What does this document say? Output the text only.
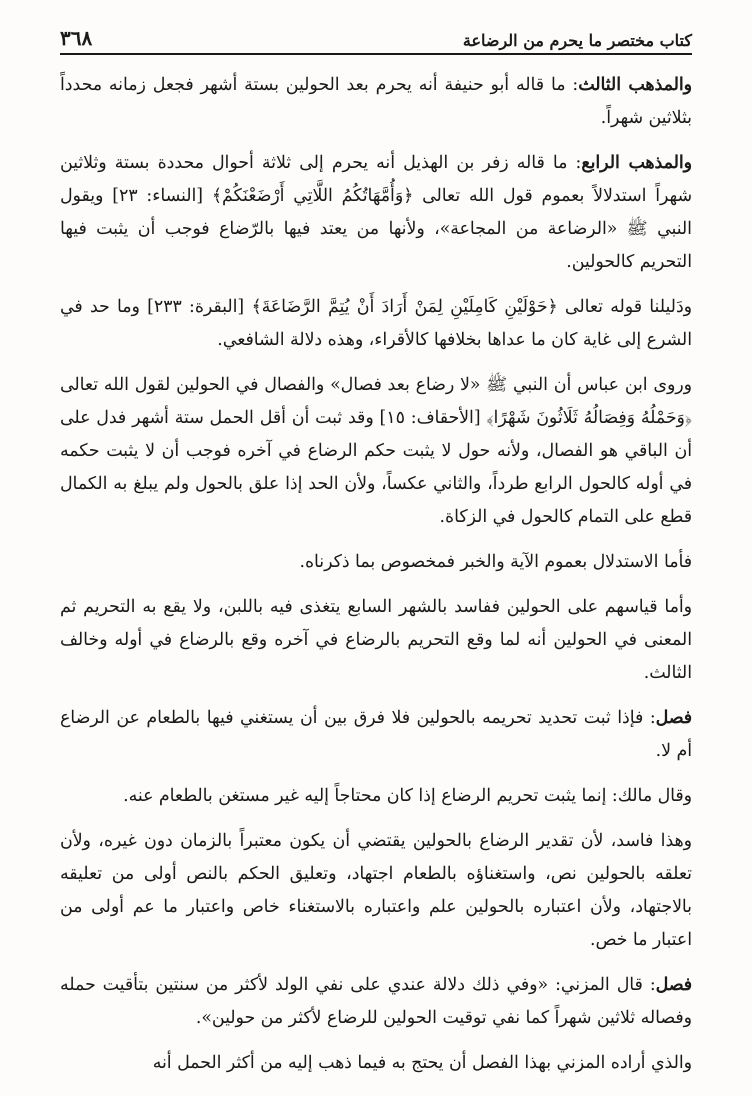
كتاب مختصر ما يحرم من الرضاعة
٣٦٨

والمذهب الثالث: ما قاله أبو حنيفة أنه يحرم بعد الحولين بستة أشهر فجعل زمانه محدداً بثلاثين شهراً.

والمذهب الرابع: ما قاله زفر بن الهذيل أنه يحرم إلى ثلاثة أحوال محددة بستة وثلاثين شهراً استدلالاً بعموم قول الله تعالى ﴿وَأُمَّهَاتُكُمُ اللَّاتِي أَرْضَعْنَكُمْ﴾ [النساء: ٢٣] ويقول النبي ﷺ «الرضاعة من المجاعة»، ولأنها من يعتد فيها بالرّضاع فوجب أن يثبت فيها التحريم كالحولين.

ودَليلنا قوله تعالى ﴿حَوْلَيْنِ كَامِلَيْنِ لِمَنْ أَرَادَ أَنْ يُتِمَّ الرَّضَاعَةَ﴾ [البقرة: ٢٣٣] وما حد في الشرع إلى غاية كان ما عداها بخلافها كالأقراء، وهذه دلالة الشافعي.

وروى ابن عباس أن النبي ﷺ «لا رضاع بعد فصال» والفصال في الحولين لقول الله تعالى ﴿وَحَمْلُهُ وَفِصَالُهُ ثَلَاثُونَ شَهْرًا﴾ [الأحقاف: ١٥] وقد ثبت أن أقل الحمل ستة أشهر فدل على أن الباقي هو الفصال، ولأنه حول لا يثبت حكم الرضاع في آخره فوجب أن لا يثبت حكمه في أوله كالحول الرابع طرداً، والثاني عكساً، ولأن الحد إذا علق بالحول ولم يبلغ به الكمال قطع على التمام كالحول في الزكاة.

فأما الاستدلال بعموم الآية والخبر فمخصوص بما ذكرناه.

وأما قياسهم على الحولين ففاسد بالشهر السابع يتغذى فيه باللبن، ولا يقع به التحريم ثم المعنى في الحولين أنه لما وقع التحريم بالرضاع في آخره وقع بالرضاع في أوله وخالف الثالث.

فصل: فإذا ثبت تحديد تحريمه بالحولين فلا فرق بين أن يستغني فيها بالطعام عن الرضاع أم لا.

وقال مالك: إنما يثبت تحريم الرضاع إذا كان محتاجاً إليه غير مستغن بالطعام عنه.

وهذا فاسد، لأن تقدير الرضاع بالحولين يقتضي أن يكون معتبراً بالزمان دون غيره، ولأن تعلقه بالحولين نص، واستغناؤه بالطعام اجتهاد، وتعليق الحكم بالنص أولى من تعليقه بالاجتهاد، ولأن اعتباره بالحولين علم واعتباره بالاستغناء خاص واعتبار ما عم أولى من اعتبار ما خص.

فصل: قال المزني: «وفي ذلك دلالة عندي على نفي الولد لأكثر من سنتين بتأقيت حمله وفصاله ثلاثين شهراً كما نفي توقيت الحولين للرضاع لأكثر من حولين».

والذي أراده المزني بهذا الفصل أن يحتج به فيما ذهب إليه من أكثر الحمل أنه
